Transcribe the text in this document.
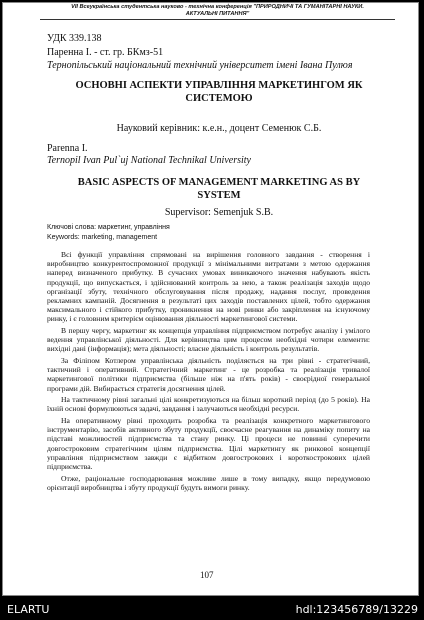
VII Всеукраїнська студентська науково - технічна конференція "ПРИРОДНИЧІ ТА ГУМАНІТАРНІ НАУКИ.
АКТУАЛЬНІ ПИТАННЯ"
УДК 339.138
Паренна І. - ст. гр. БКмз-51
Тернопільський національний технічний університет імені Івана Пулюя
ОСНОВНІ АСПЕКТИ УПРАВЛІННЯ МАРКЕТИНГОМ ЯК СИСТЕМОЮ
Науковий керівник: к.е.н., доцент Семенюк С.Б.
Parenna I.
Ternopil Ivan Pul`uj National Technikal University
BASIC ASPECTS OF MANAGEMENT MARKETING AS BY SYSTEM
Supervisor: Semenjuk S.B.
Ключові слова: маркетинг, управління
Keywords: marketing, management

Всі функції управління спрямовані на вирішення головного завдання - створення і виробництво конкурентоспроможної продукції з мінімальними витратами з метою одержання наперед визначеного прибутку. В сучасних умовах виникаючого значення набувають якість продукції, що випускається, і здійснюваний контроль за нею, а також реалізація заходів щодо організації збуту, технічного обслуговування після продажу, надання послуг, проведення рекламних кампаній. Досягнення в результаті цих заходів поставлених цілей, тобто одержання максимального і стійкого прибутку, проникнення на нові ринки або закріплення на існуючому ринку, і є головним критерієм оцінювання діяльності маркетингової системи.

В першу чергу, маркетинг як концепція управління підприємством потребує аналізу і умілого ведення управлінської діяльності. Для керівництва цим процесом необхідні чотири елементи: вихідні дані (інформація); мета діяльності; власне діяльність і контроль результатів.

За Філіпом Котлером управлінська діяльність поділяється на три рівні - стратегічний, тактичний і оперативний. Стратегічний маркетинг - це розробка та реалізація тривалої маркетингової політики підприємства (більше ніж на п'ять років) - своєрідної генеральної програми дій. Вибирається стратегія досягнення цілей.

На тактичному рівні загальні цілі конкретизуються на більш короткий період (до 5 років). На їхній основі формулюються задачі, завдання і залучаються необхідні ресурси.

На оперативному рівні проходить розробка та реалізація конкретного маркетингового інструментарію, засобів активного збуту продукції, своєчасне реагування на динаміку попиту на підставі можливостей підприємства та стану ринку. Ці процеси не повинні суперечити довгостроковим стратегічним цілям підприємства. Цілі маркетингу як ринкової концепції управління підприємством завжди є відбитком довгострокових і короткострокових цілей підприємства.

Отже, раціональне господарювання можливе лише в тому випадку, якщо передумовою орієнтації виробництва і збуту продукції будуть вимоги ринку.

107
ELARTU	hdl:123456789/13229
